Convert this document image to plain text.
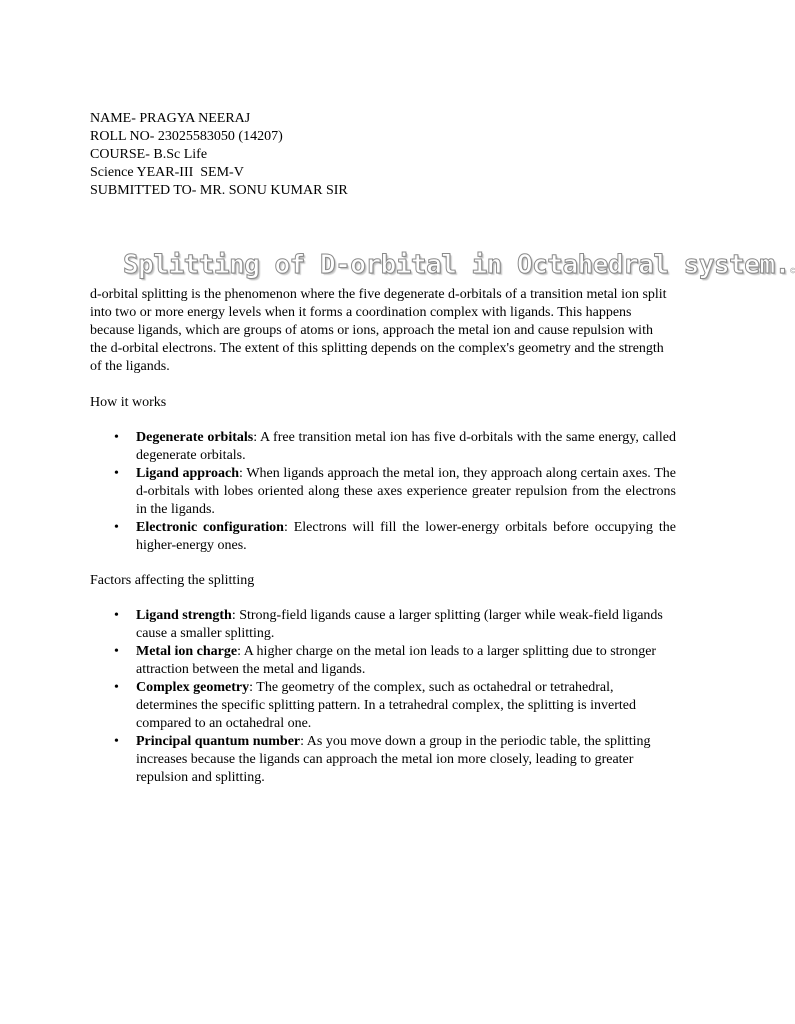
NAME- PRAGYA NEERAJ
ROLL NO- 23025583050 (14207)
COURSE- B.Sc Life
Science YEAR-III  SEM-V
SUBMITTED TO- MR. SONU KUMAR SIR
Splitting of D-orbital in Octahedral system.c

d-orbital splitting is the phenomenon where the five degenerate d-orbitals of a transition metal ion split into two or more energy levels when it forms a coordination complex with ligands. This happens because ligands, which are groups of atoms or ions, approach the metal ion and cause repulsion with the d-orbital electrons. The extent of this splitting depends on the complex's geometry and the strength of the ligands.

How it works

• Degenerate orbitals: A free transition metal ion has five d-orbitals with the same energy, called degenerate orbitals.
• Ligand approach: When ligands approach the metal ion, they approach along certain axes. The d-orbitals with lobes oriented along these axes experience greater repulsion from the electrons in the ligands.
• Electronic configuration: Electrons will fill the lower-energy orbitals before occupying the higher-energy ones.

Factors affecting the splitting

• Ligand strength: Strong-field ligands cause a larger splitting (larger while weak-field ligands cause a smaller splitting.
• Metal ion charge: A higher charge on the metal ion leads to a larger splitting due to stronger attraction between the metal and ligands.
• Complex geometry: The geometry of the complex, such as octahedral or tetrahedral, determines the specific splitting pattern. In a tetrahedral complex, the splitting is inverted compared to an octahedral one.
• Principal quantum number: As you move down a group in the periodic table, the splitting increases because the ligands can approach the metal ion more closely, leading to greater repulsion and splitting.
